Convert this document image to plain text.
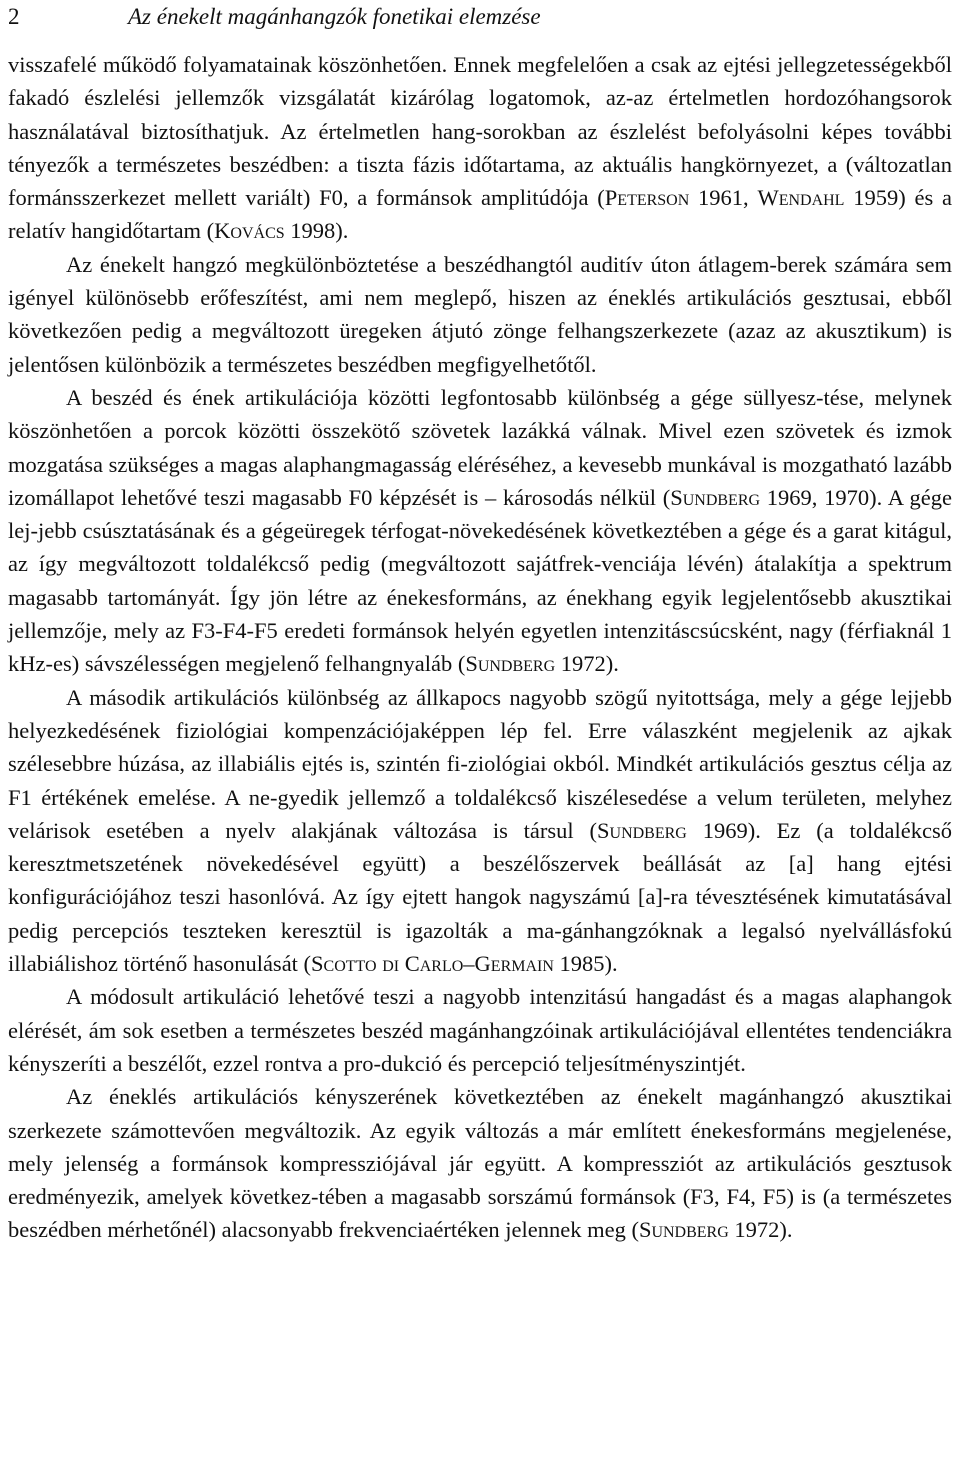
2	Az énekelt magánhangzók fonetikai elemzése

visszafelé működő folyamatainak köszönhetően. Ennek megfelelően a csak az ejtési jellegzetességekből fakadó észlelési jellemzők vizsgálatát kizárólag logatomok, az-az értelmetlen hordozóhangsorok használatával biztosíthatjuk. Az értelmetlen hang-sorokban az észlelést befolyásolni képes további tényezők a természetes beszédben: a tiszta fázis időtartama, az aktuális hangkörnyezet, a (változatlan formánsszerkezet mellett variált) F0, a formánsok amplitúdója (Peterson 1961, Wendahl 1959) és a relatív hangidőtartam (Kovács 1998).

Az énekelt hangzó megkülönböztetése a beszédhangtól auditív úton átlagem-berek számára sem igényel különösebb erőfeszítést, ami nem meglepő, hiszen az éneklés artikulációs gesztusai, ebből következően pedig a megváltozott üregeken átjutó zönge felhangszerkezete (azaz az akusztikum) is jelentősen különbözik a természetes beszédben megfigyelhetőtől.

A beszéd és ének artikulációja közötti legfontosabb különbség a gége süllyesz-tése, melynek köszönhetően a porcok közötti összekötő szövetek lazákká válnak. Mivel ezen szövetek és izmok mozgatása szükséges a magas alaphangmagasság eléréséhez, a kevesebb munkával is mozgatható lazább izomállapot lehetővé teszi magasabb F0 képzését is – károsodás nélkül (Sundberg 1969, 1970). A gége lej-jebb csúsztatásának és a gégeüregek térfogat-növekedésének következtében a gége és a garat kitágul, az így megváltozott toldalékcső pedig (megváltozott sajátfrek-venciája lévén) átalakítja a spektrum magasabb tartományát. Így jön létre az énekesformáns, az énekhang egyik legjelentősebb akusztikai jellemzője, mely az F3-F4-F5 eredeti formánsok helyén egyetlen intenzitáscsúcsként, nagy (férfiaknál 1 kHz-es) sávszélességen megjelenő felhangnyaláb (Sundberg 1972).

A második artikulációs különbség az állkapocs nagyobb szögű nyitottsága, mely a gége lejjebb helyezkedésének fiziológiai kompenzációjaképpen lép fel. Erre válaszként megjelenik az ajkak szélesebbre húzása, az illabiális ejtés is, szintén fi-ziológiai okból. Mindkét artikulációs gesztus célja az F1 értékének emelése. A ne-gyedik jellemző a toldalékcső kiszélesedése a velum területen, melyhez velárisok esetében a nyelv alakjának változása is társul (Sundberg 1969). Ez (a toldalékcső keresztmetszetének növekedésével együtt) a beszélőszervek beállását az [a] hang ejtési konfigurációjához teszi hasonlóvá. Az így ejtett hangok nagyszámú [a]-ra tévesztésének kimutatásával pedig percepciós teszteken keresztül is igazolták a ma-gánhangzóknak a legalsó nyelvállásfokú illabiálishoz történő hasonulását (Scotto di Carlo–Germain 1985).

A módosult artikuláció lehetővé teszi a nagyobb intenzitású hangadást és a magas alaphangok elérését, ám sok esetben a természetes beszéd magánhangzóinak artikulációjával ellentétes tendenciákra kényszeríti a beszélőt, ezzel rontva a pro-dukció és percepció teljesítményszintjét.

Az éneklés artikulációs kényszerének következtében az énekelt magánhangzó akusztikai szerkezete számottevően megváltozik. Az egyik változás a már említett énekesformáns megjelenése, mely jelenség a formánsok kompressziójával jár együtt. A kompressziót az artikulációs gesztusok eredményezik, amelyek következ-tében a magasabb sorszámú formánsok (F3, F4, F5) is (a természetes beszédben mérhetőnél) alacsonyabb frekvenciaértéken jelennek meg (Sundberg 1972).
